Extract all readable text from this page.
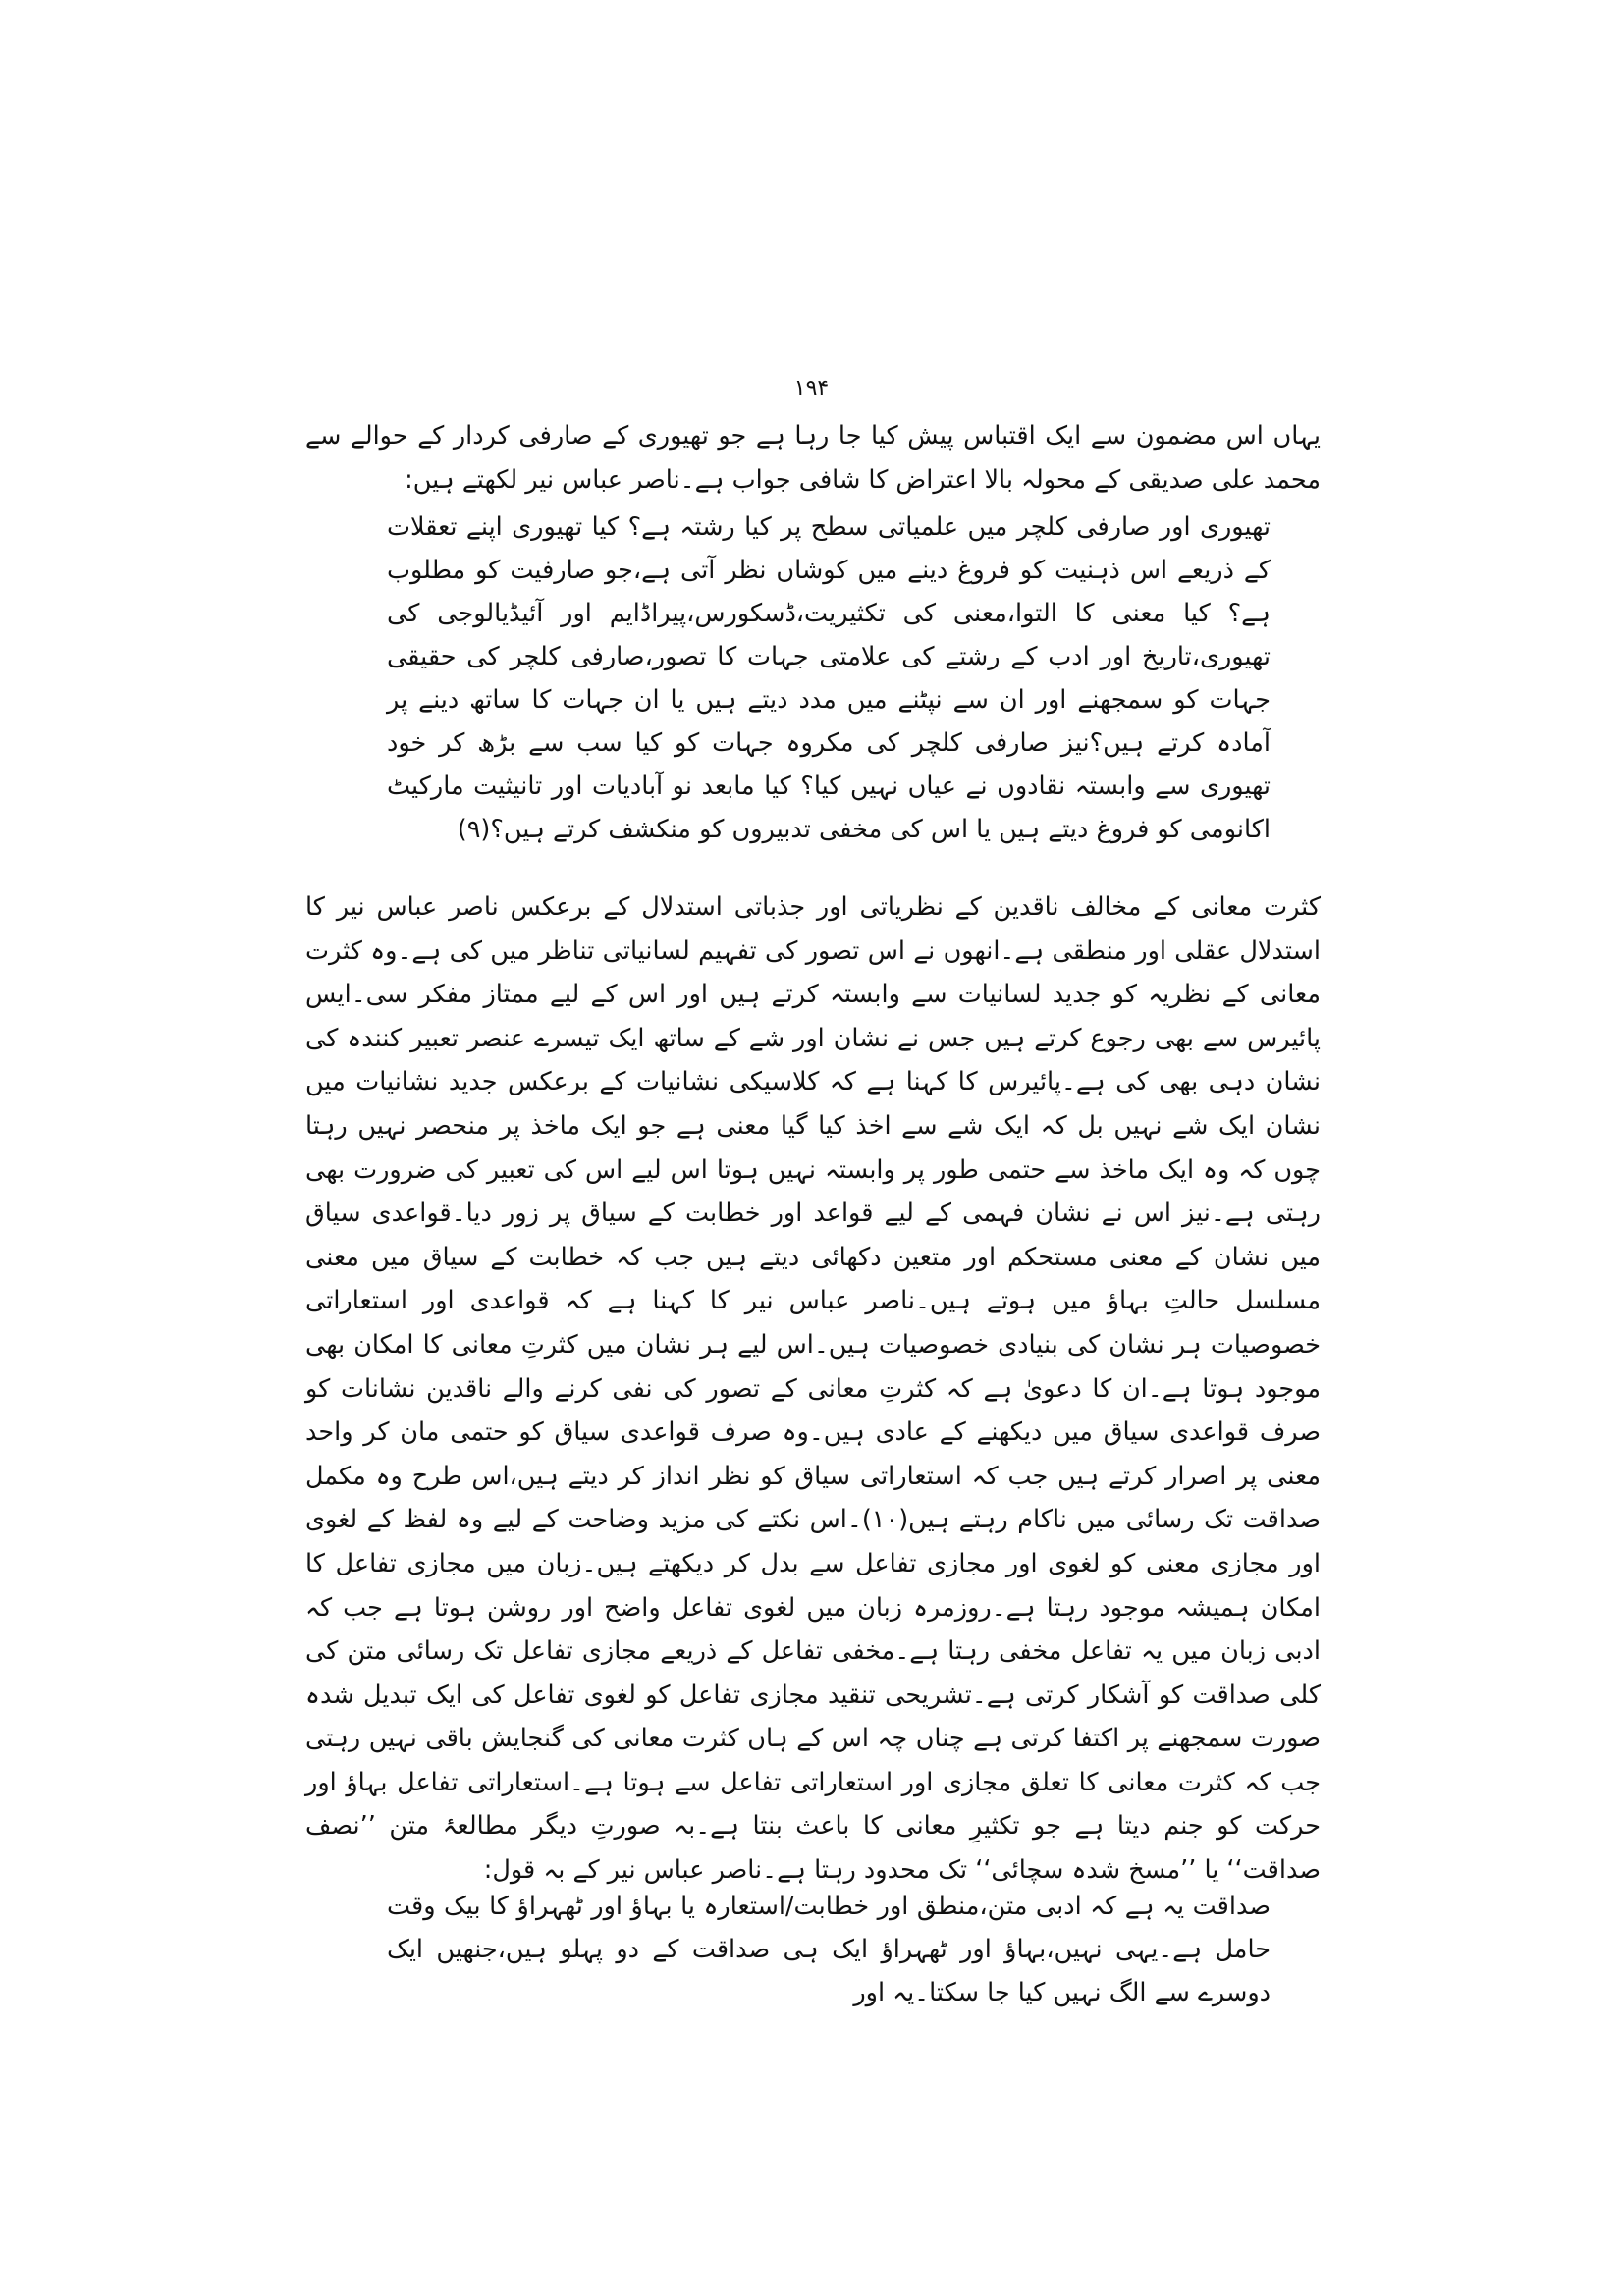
۱۹۴

یہاں اس مضمون سے ایک اقتباس پیش کیا جا رہا ہے جو تھیوری کے صارفی کردار کے حوالے سے محمد علی صدیقی کے محولہ بالا اعتراض کا شافی جواب ہے۔ناصر عباس نیر لکھتے ہیں:

تھیوری اور صارفی کلچر میں علمیاتی سطح پر کیا رشتہ ہے؟ کیا تھیوری اپنے تعقلات کے ذریعے اس ذہنیت کو فروغ دینے میں کوشاں نظر آتی ہے،جو صارفیت کو مطلوب ہے؟ کیا معنی کا التوا،معنی کی تکثیریت،ڈسکورس،پیراڈایم اور آئیڈیالوجی کی تھیوری،تاریخ اور ادب کے رشتے کی علامتی جہات کا تصور،صارفی کلچر کی حقیقی جہات کو سمجھنے اور ان سے نپٹنے میں مدد دیتے ہیں یا ان جہات کا ساتھ دینے پر آمادہ کرتے ہیں؟نیز صارفی کلچر کی مکروہ جہات کو کیا سب سے بڑھ کر خود تھیوری سے وابستہ نقادوں نے عیاں نہیں کیا؟ کیا مابعد نو آبادیات اور تانیثیت مارکیٹ اکانومی کو فروغ دیتے ہیں یا اس کی مخفی تدبیروں کو منکشف کرتے ہیں؟(۹)

کثرت معانی کے مخالف ناقدین کے نظریاتی اور جذباتی استدلال کے برعکس ناصر عباس نیر کا استدلال عقلی اور منطقی ہے۔انھوں نے اس تصور کی تفہیم لسانیاتی تناظر میں کی ہے۔وہ کثرت معانی کے نظریہ کو جدید لسانیات سے وابستہ کرتے ہیں اور اس کے لیے ممتاز مفکر سی۔ایس پائیرس سے بھی رجوع کرتے ہیں جس نے نشان اور شے کے ساتھ ایک تیسرے عنصر تعبیر کنندہ کی نشان دہی بھی کی ہے۔پائیرس کا کہنا ہے کہ کلاسیکی نشانیات کے برعکس جدید نشانیات میں نشان ایک شے نہیں بل کہ ایک شے سے اخذ کیا گیا معنی ہے جو ایک ماخذ پر منحصر نہیں رہتا چوں کہ وہ ایک ماخذ سے حتمی طور پر وابستہ نہیں ہوتا اس لیے اس کی تعبیر کی ضرورت بھی رہتی ہے۔نیز اس نے نشان فہمی کے لیے قواعد اور خطابت کے سیاق پر زور دیا۔قواعدی سیاق میں نشان کے معنی مستحکم اور متعین دکھائی دیتے ہیں جب کہ خطابت کے سیاق میں معنی مسلسل حالتِ بہاؤ میں ہوتے ہیں۔ناصر عباس نیر کا کہنا ہے کہ قواعدی اور استعاراتی خصوصیات ہر نشان کی بنیادی خصوصیات ہیں۔اس لیے ہر نشان میں کثرتِ معانی کا امکان بھی موجود ہوتا ہے۔ان کا دعویٰ ہے کہ کثرتِ معانی کے تصور کی نفی کرنے والے ناقدین نشانات کو صرف قواعدی سیاق میں دیکھنے کے عادی ہیں۔وہ صرف قواعدی سیاق کو حتمی مان کر واحد معنی پر اصرار کرتے ہیں جب کہ استعاراتی سیاق کو نظر انداز کر دیتے ہیں،اس طرح وہ مکمل صداقت تک رسائی میں ناکام رہتے ہیں(۱۰)۔اس نکتے کی مزید وضاحت کے لیے وہ لفظ کے لغوی اور مجازی معنی کو لغوی اور مجازی تفاعل سے بدل کر دیکھتے ہیں۔زبان میں مجازی تفاعل کا امکان ہمیشہ موجود رہتا ہے۔روزمرہ زبان میں لغوی تفاعل واضح اور روشن ہوتا ہے جب کہ ادبی زبان میں یہ تفاعل مخفی رہتا ہے۔مخفی تفاعل کے ذریعے مجازی تفاعل تک رسائی متن کی کلی صداقت کو آشکار کرتی ہے۔تشریحی تنقید مجازی تفاعل کو لغوی تفاعل کی ایک تبدیل شدہ صورت سمجھنے پر اکتفا کرتی ہے چناں چہ اس کے ہاں کثرت معانی کی گنجایش باقی نہیں رہتی جب کہ کثرت معانی کا تعلق مجازی اور استعاراتی تفاعل سے ہوتا ہے۔استعاراتی تفاعل بہاؤ اور حرکت کو جنم دیتا ہے جو تکثیرِ معانی کا باعث بنتا ہے۔بہ صورتِ دیگر مطالعۂ متن ’’نصف صداقت‘‘ یا ’’مسخ شدہ سچائی‘‘ تک محدود رہتا ہے۔ناصر عباس نیر کے بہ قول:

صداقت یہ ہے کہ ادبی متن،منطق اور خطابت/استعارہ یا بہاؤ اور ٹھہراؤ کا بیک وقت حامل ہے۔یہی نہیں،بہاؤ اور ٹھہراؤ ایک ہی صداقت کے دو پہلو ہیں،جنھیں ایک دوسرے سے الگ نہیں کیا جا سکتا۔یہ اور
